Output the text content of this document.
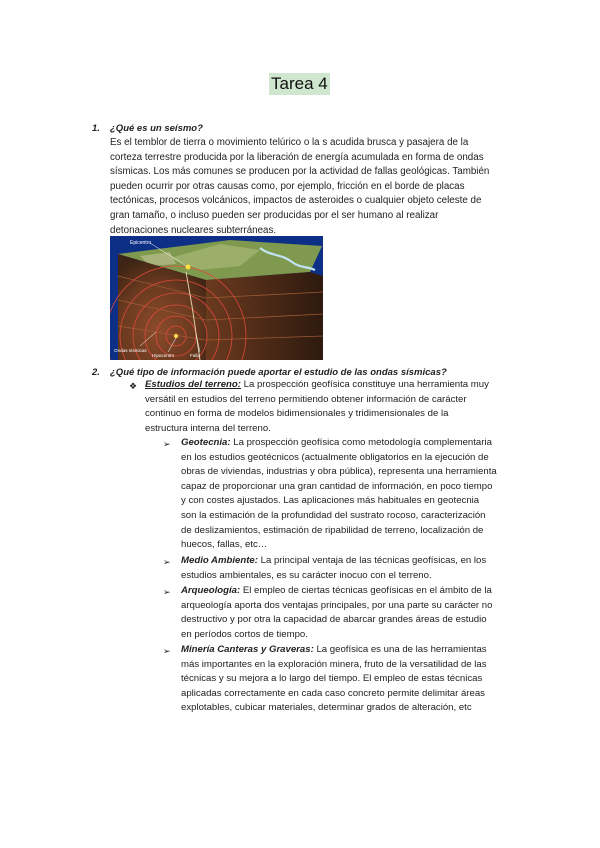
Tarea 4
1. ¿Qué es un seísmo?
Es el temblor de tierra o movimiento telúrico o la s acudida brusca y pasajera de la
corteza terrestre producida por la liberación de energía acumulada en forma de ondas
sísmicas. Los más comunes se producen por la actividad de fallas geológicas. También
pueden ocurrir por otras causas como, por ejemplo, fricción en el borde de placas
tectónicas, procesos volcánicos, impactos de asteroides o cualquier objeto celeste de
gran tamaño, o incluso pueden ser producidas por el ser humano al realizar
detonaciones nucleares subterráneas.
Epicentro
Ondas sísmicas
Hipocentro	Falla
2. ¿Qué tipo de información puede aportar el estudio de las ondas sísmicas?
❖ Estudios del terreno: La prospección geofísica constituye una herramienta muy
versátil en estudios del terreno permitiendo obtener información de carácter
continuo en forma de modelos bidimensionales y tridimensionales de la
estructura interna del terreno.
➢ Geotecnia: La prospección geofísica como metodología complementaria
en los estudios geotécnicos (actualmente obligatorios en la ejecución de
obras de viviendas, industrias y obra pública), representa una herramienta
capaz de proporcionar una gran cantidad de información, en poco tiempo
y con costes ajustados. Las aplicaciones más habituales en geotecnia
son la estimación de la profundidad del sustrato rocoso, caracterización
de deslizamientos, estimación de ripabilidad de terreno, localización de
huecos, fallas, etc…
➢ Medio Ambiente: La principal ventaja de las técnicas geofísicas, en los
estudios ambientales, es su carácter inocuo con el terreno.
➢ Arqueología: El empleo de ciertas técnicas geofísicas en el ámbito de la
arqueología aporta dos ventajas principales, por una parte su carácter no
destructivo y por otra la capacidad de abarcar grandes áreas de estudio
en períodos cortos de tiempo.
➢ Minería Canteras y Graveras: La geofísica es una de las herramientas
más importantes en la exploración minera, fruto de la versatilidad de las
técnicas y su mejora a lo largo del tiempo. El empleo de estas técnicas
aplicadas correctamente en cada caso concreto permite delimitar áreas
explotables, cubicar materiales, determinar grados de alteración, etc
